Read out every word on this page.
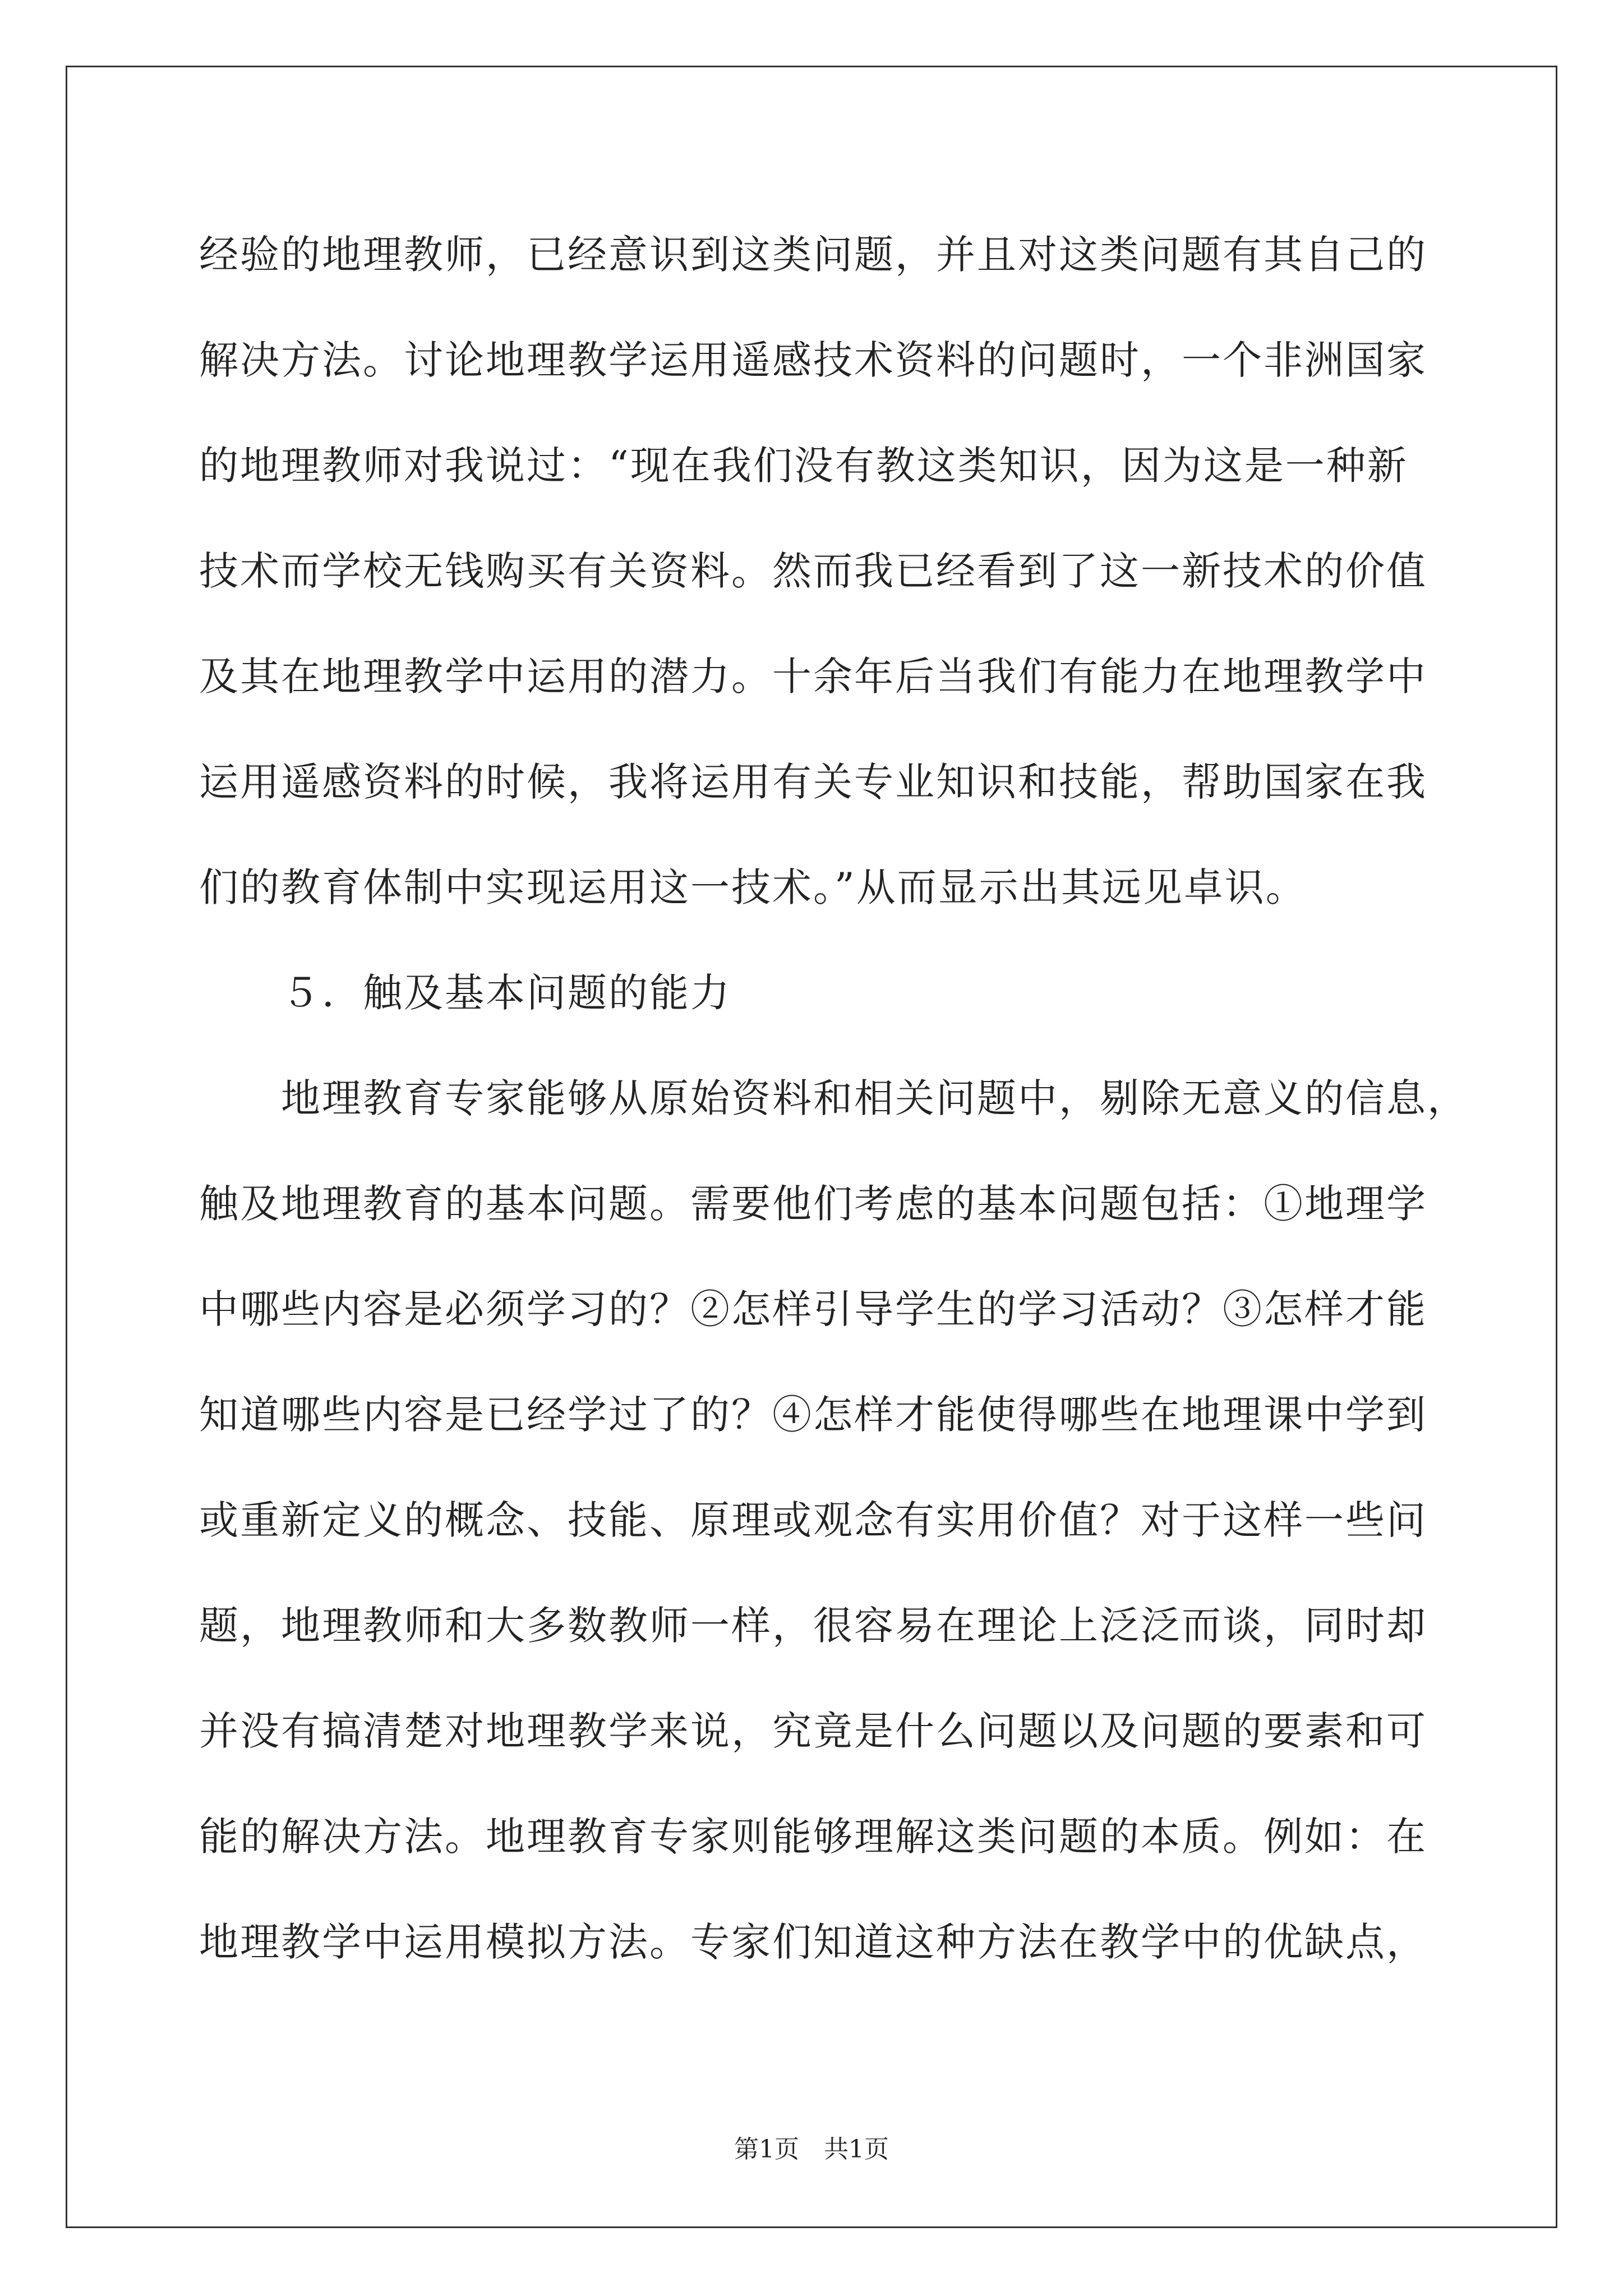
经验的地理教师，已经意识到这类问题，并且对这类问题有其自己的
解决方法。讨论地理教学运用遥感技术资料的问题时，一个非洲国家
的地理教师对我说过：“现在我们没有教这类知识，因为这是一种新
技术而学校无钱购买有关资料。然而我已经看到了这一新技术的价值
及其在地理教学中运用的潜力。十余年后当我们有能力在地理教学中
运用遥感资料的时候，我将运用有关专业知识和技能，帮助国家在我
们的教育体制中实现运用这一技术。”从而显示出其远见卓识。
５．触及基本问题的能力
地理教育专家能够从原始资料和相关问题中，剔除无意义的信息，
触及地理教育的基本问题。需要他们考虑的基本问题包括：①地理学
中哪些内容是必须学习的？②怎样引导学生的学习活动？③怎样才能
知道哪些内容是已经学过了的？④怎样才能使得哪些在地理课中学到
或重新定义的概念、技能、原理或观念有实用价值？对于这样一些问
题，地理教师和大多数教师一样，很容易在理论上泛泛而谈，同时却
并没有搞清楚对地理教学来说，究竟是什么问题以及问题的要素和可
能的解决方法。地理教育专家则能够理解这类问题的本质。例如：在
地理教学中运用模拟方法。专家们知道这种方法在教学中的优缺点，
第1页　共1页
